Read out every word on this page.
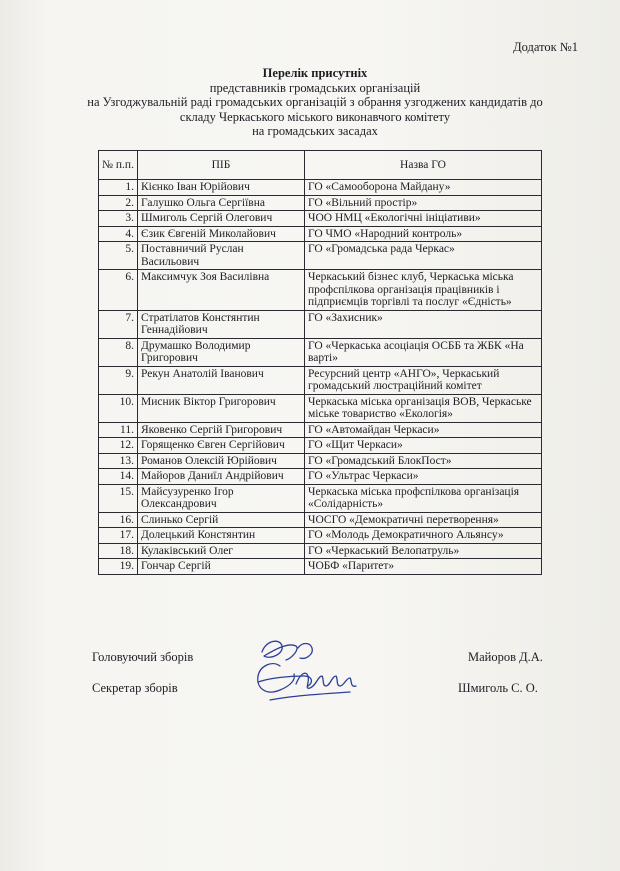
Додаток №1
Перелік присутніх
представників громадських організацій
на Узгоджувальній раді громадських організацій з обрання узгоджених кандидатів до
складу Черкаського міського виконавчого комітету
на громадських засадах
№ п.п.	ПІБ	Назва ГО
1.	Кієнко Іван Юрійович	ГО «Самооборона Майдану»
2.	Галушко Ольга Сергіївна	ГО «Вільний простір»
3.	Шмиголь Сергій Олегович	ЧОО НМЦ «Екологічні ініціативи»
4.	Єзик Євгеній Миколайович	ГО ЧМО «Народний контроль»
5.	Поставничий Руслан Васильович	ГО «Громадська рада Черкас»
6.	Максимчук Зоя Василівна	Черкаський бізнес клуб, Черкаська міська профспілкова організація працівників і підприємців торгівлі та послуг «Єдність»
7.	Стратілатов Констянтин Геннадійович	ГО «Захисник»
8.	Друмашко Володимир Григорович	ГО «Черкаська асоціація ОСББ та ЖБК «На варті»
9.	Рекун Анатолій Іванович	Ресурсний центр «АНГО», Черкаський громадський люстраційний комітет
10.	Мисник Віктор Григорович	Черкаська міська організація ВОВ, Черкаське міське товариство «Екологія»
11.	Яковенко Сергій Григорович	ГО «Автомайдан Черкаси»
12.	Горященко Євген Сергійович	ГО «Щит Черкаси»
13.	Романов Олексій Юрійович	ГО «Громадський БлокПост»
14.	Майоров Даниїл Андрійович	ГО «Ультрас Черкаси»
15.	Майсузуренко Ігор Олександрович	Черкаська міська профспілкова організація «Солідарність»
16.	Слинько Сергій	ЧОСГО «Демократичні перетворення»
17.	Долецький Констянтин	ГО «Молодь Демократичного Альянсу»
18.	Кулаківський Олег	ГО «Черкаський Велопатруль»
19.	Гончар Сергій	ЧОБФ «Паритет»
Головуючий зборів
Секретар зборів
Майоров Д.А.
Шмиголь С. О.
